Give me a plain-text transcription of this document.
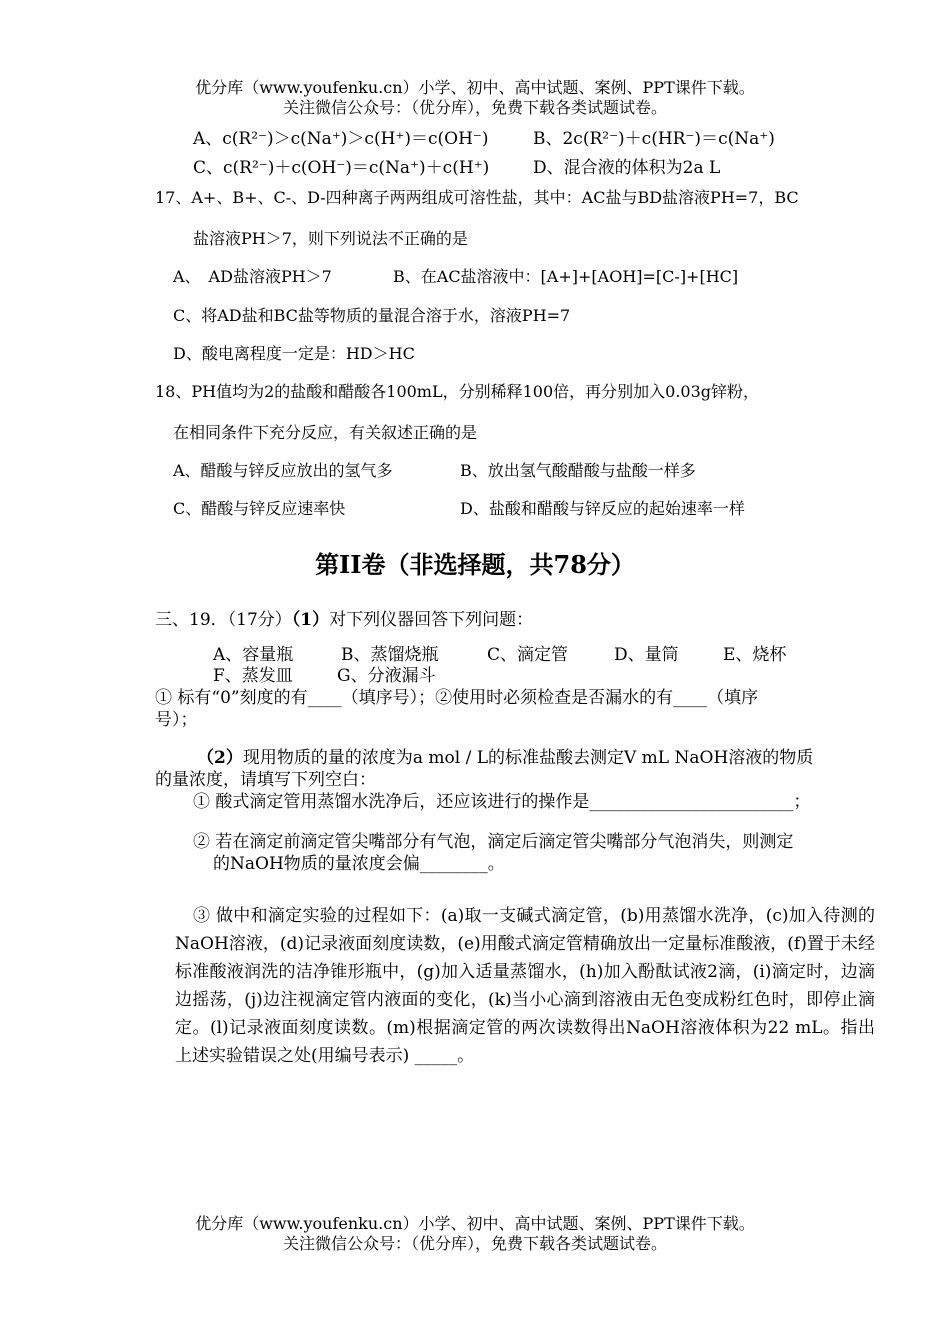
优分库（www.youfenku.cn）小学、初中、高中试题、案例、PPT课件下载。
关注微信公众号：（优分库），免费下载各类试题试卷。
A、c(R²⁻)＞c(Na⁺)＞c(H⁺)＝c(OH⁻)	B、2c(R²⁻)＋c(HR⁻)＝c(Na⁺)
C、c(R²⁻)＋c(OH⁻)＝c(Na⁺)＋c(H⁺)	D、混合液的体积为2a L
17、A+、B+、C-、D-四种离子两两组成可溶性盐，其中：AC盐与BD盐溶液PH=7，BC
盐溶液PH＞7，则下列说法不正确的是
A、　AD盐溶液PH＞7	B、在AC盐溶液中：[A+]+[AOH]=[C-]+[HC]
C、将AD盐和BC盐等物质的量混合溶于水，溶液PH=7
D、酸电离程度一定是：HD＞HC
18、PH值均为2的盐酸和醋酸各100mL，分别稀释100倍，再分别加入0.03g锌粉，
在相同条件下充分反应，有关叙述正确的是
A、醋酸与锌反应放出的氢气多	B、放出氢气酸醋酸与盐酸一样多
C、醋酸与锌反应速率快	D、盐酸和醋酸与锌反应的起始速率一样
第II卷（非选择题，共78分）
三、19．（17分）（1）对下列仪器回答下列问题：
A、容量瓶	B、蒸馏烧瓶	C、滴定管	D、量筒	E、烧杯
F、蒸发皿	G、分液漏斗
① 标有“0”刻度的有____（填序号）；②使用时必须检查是否漏水的有____（填序
号）；
（2）现用物质的量的浓度为a mol / L的标准盐酸去测定V mL NaOH溶液的物质
的量浓度，请填写下列空白：
① 酸式滴定管用蒸馏水洗净后，还应该进行的操作是________________________；
② 若在滴定前滴定管尖嘴部分有气泡，滴定后滴定管尖嘴部分气泡消失，则测定
的NaOH物质的量浓度会偏________。
③ 做中和滴定实验的过程如下：(a)取一支碱式滴定管，(b)用蒸馏水洗净，(c)加入待测的NaOH溶液，(d)记录液面刻度读数，(e)用酸式滴定管精确放出一定量标准酸液，(f)置于未经标准酸液润洗的洁净锥形瓶中，(g)加入适量蒸馏水，(h)加入酚酞试液2滴，(i)滴定时，边滴边摇荡，(j)边注视滴定管内液面的变化，(k)当小心滴到溶液由无色变成粉红色时，即停止滴定。(l)记录液面刻度读数。(m)根据滴定管的两次读数得出NaOH溶液体积为22 mL。指出上述实验错误之处(用编号表示) _____。
优分库（www.youfenku.cn）小学、初中、高中试题、案例、PPT课件下载。
关注微信公众号：（优分库），免费下载各类试题试卷。
